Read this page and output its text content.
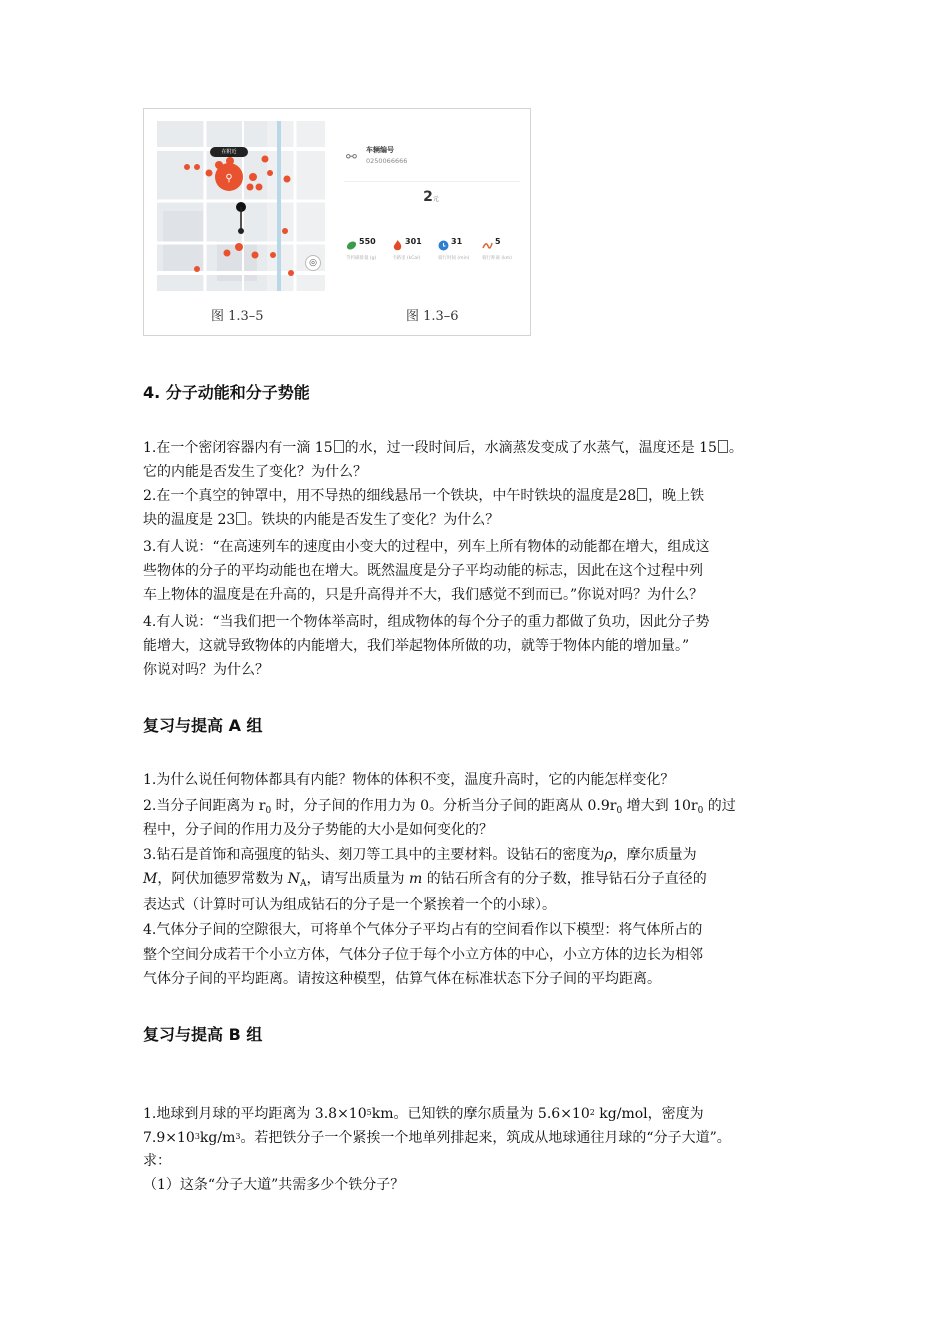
⚲
◎
在附近
图 1.3–5
⚯ 车辆编号
0250066666
2元
550
节约碳排量 (g)
301
卡路里 (kCal)
31
骑行时间 (min)
5
骑行距离 (km)
图 1.3–6
4. 分子动能和分子势能
1.在一个密闭容器内有一滴 15 的水，过一段时间后，水滴蒸发变成了水蒸气，温度还是 15 。
它的内能是否发生了变化？为什么？
2.在一个真空的钟罩中，用不导热的细线悬吊一个铁块，中午时铁块的温度是28 ，晚上铁
块的温度是 23 。铁块的内能是否发生了变化？为什么？
3.有人说：“在高速列车的速度由小变大的过程中，列车上所有物体的动能都在增大，组成这
些物体的分子的平均动能也在增大。既然温度是分子平均动能的标志，因此在这个过程中列
车上物体的温度是在升高的，只是升高得并不大，我们感觉不到而已。”你说对吗？为什么？
4.有人说：“当我们把一个物体举高时，组成物体的每个分子的重力都做了负功，因此分子势
能增大，这就导致物体的内能增大，我们举起物体所做的功，就等于物体内能的增加量。”
你说对吗？为什么？
复习与提高 A 组
1.为什么说任何物体都具有内能？物体的体积不变，温度升高时，它的内能怎样变化？
2.当分子间距离为 $r_0$ 时，分子间的作用力为 0。分析当分子间的距离从 $0.9r_0$ 增大到 $10r_0$ 的过
程中，分子间的作用力及分子势能的大小是如何变化的？
3.钻石是首饰和高强度的钻头、刻刀等工具中的主要材料。设钻石的密度为ρ，摩尔质量为
M，阿伏加德罗常数为 $N_A$，请写出质量为 m 的钻石所含有的分子数，推导钻石分子直径的
表达式（计算时可认为组成钻石的分子是一个紧挨着一个的小球）。
4.气体分子间的空隙很大，可将单个气体分子平均占有的空间看作以下模型：将气体所占的
整个空间分成若干个小立方体，气体分子位于每个小立方体的中心，小立方体的边长为相邻
气体分子间的平均距离。请按这种模型，估算气体在标准状态下分子间的平均距离。
复习与提高 B 组
1.地球到月球的平均距离为 $3.8\times 10^5km$。已知铁的摩尔质量为 $5.6\times 10^2$ kg/mol，密度为
$7.9\times 10^3kg/m^3$。若把铁分子一个紧挨一个地单列排起来，筑成从地球通往月球的“分子大道”。
求：
（1）这条“分子大道”共需多少个铁分子？
